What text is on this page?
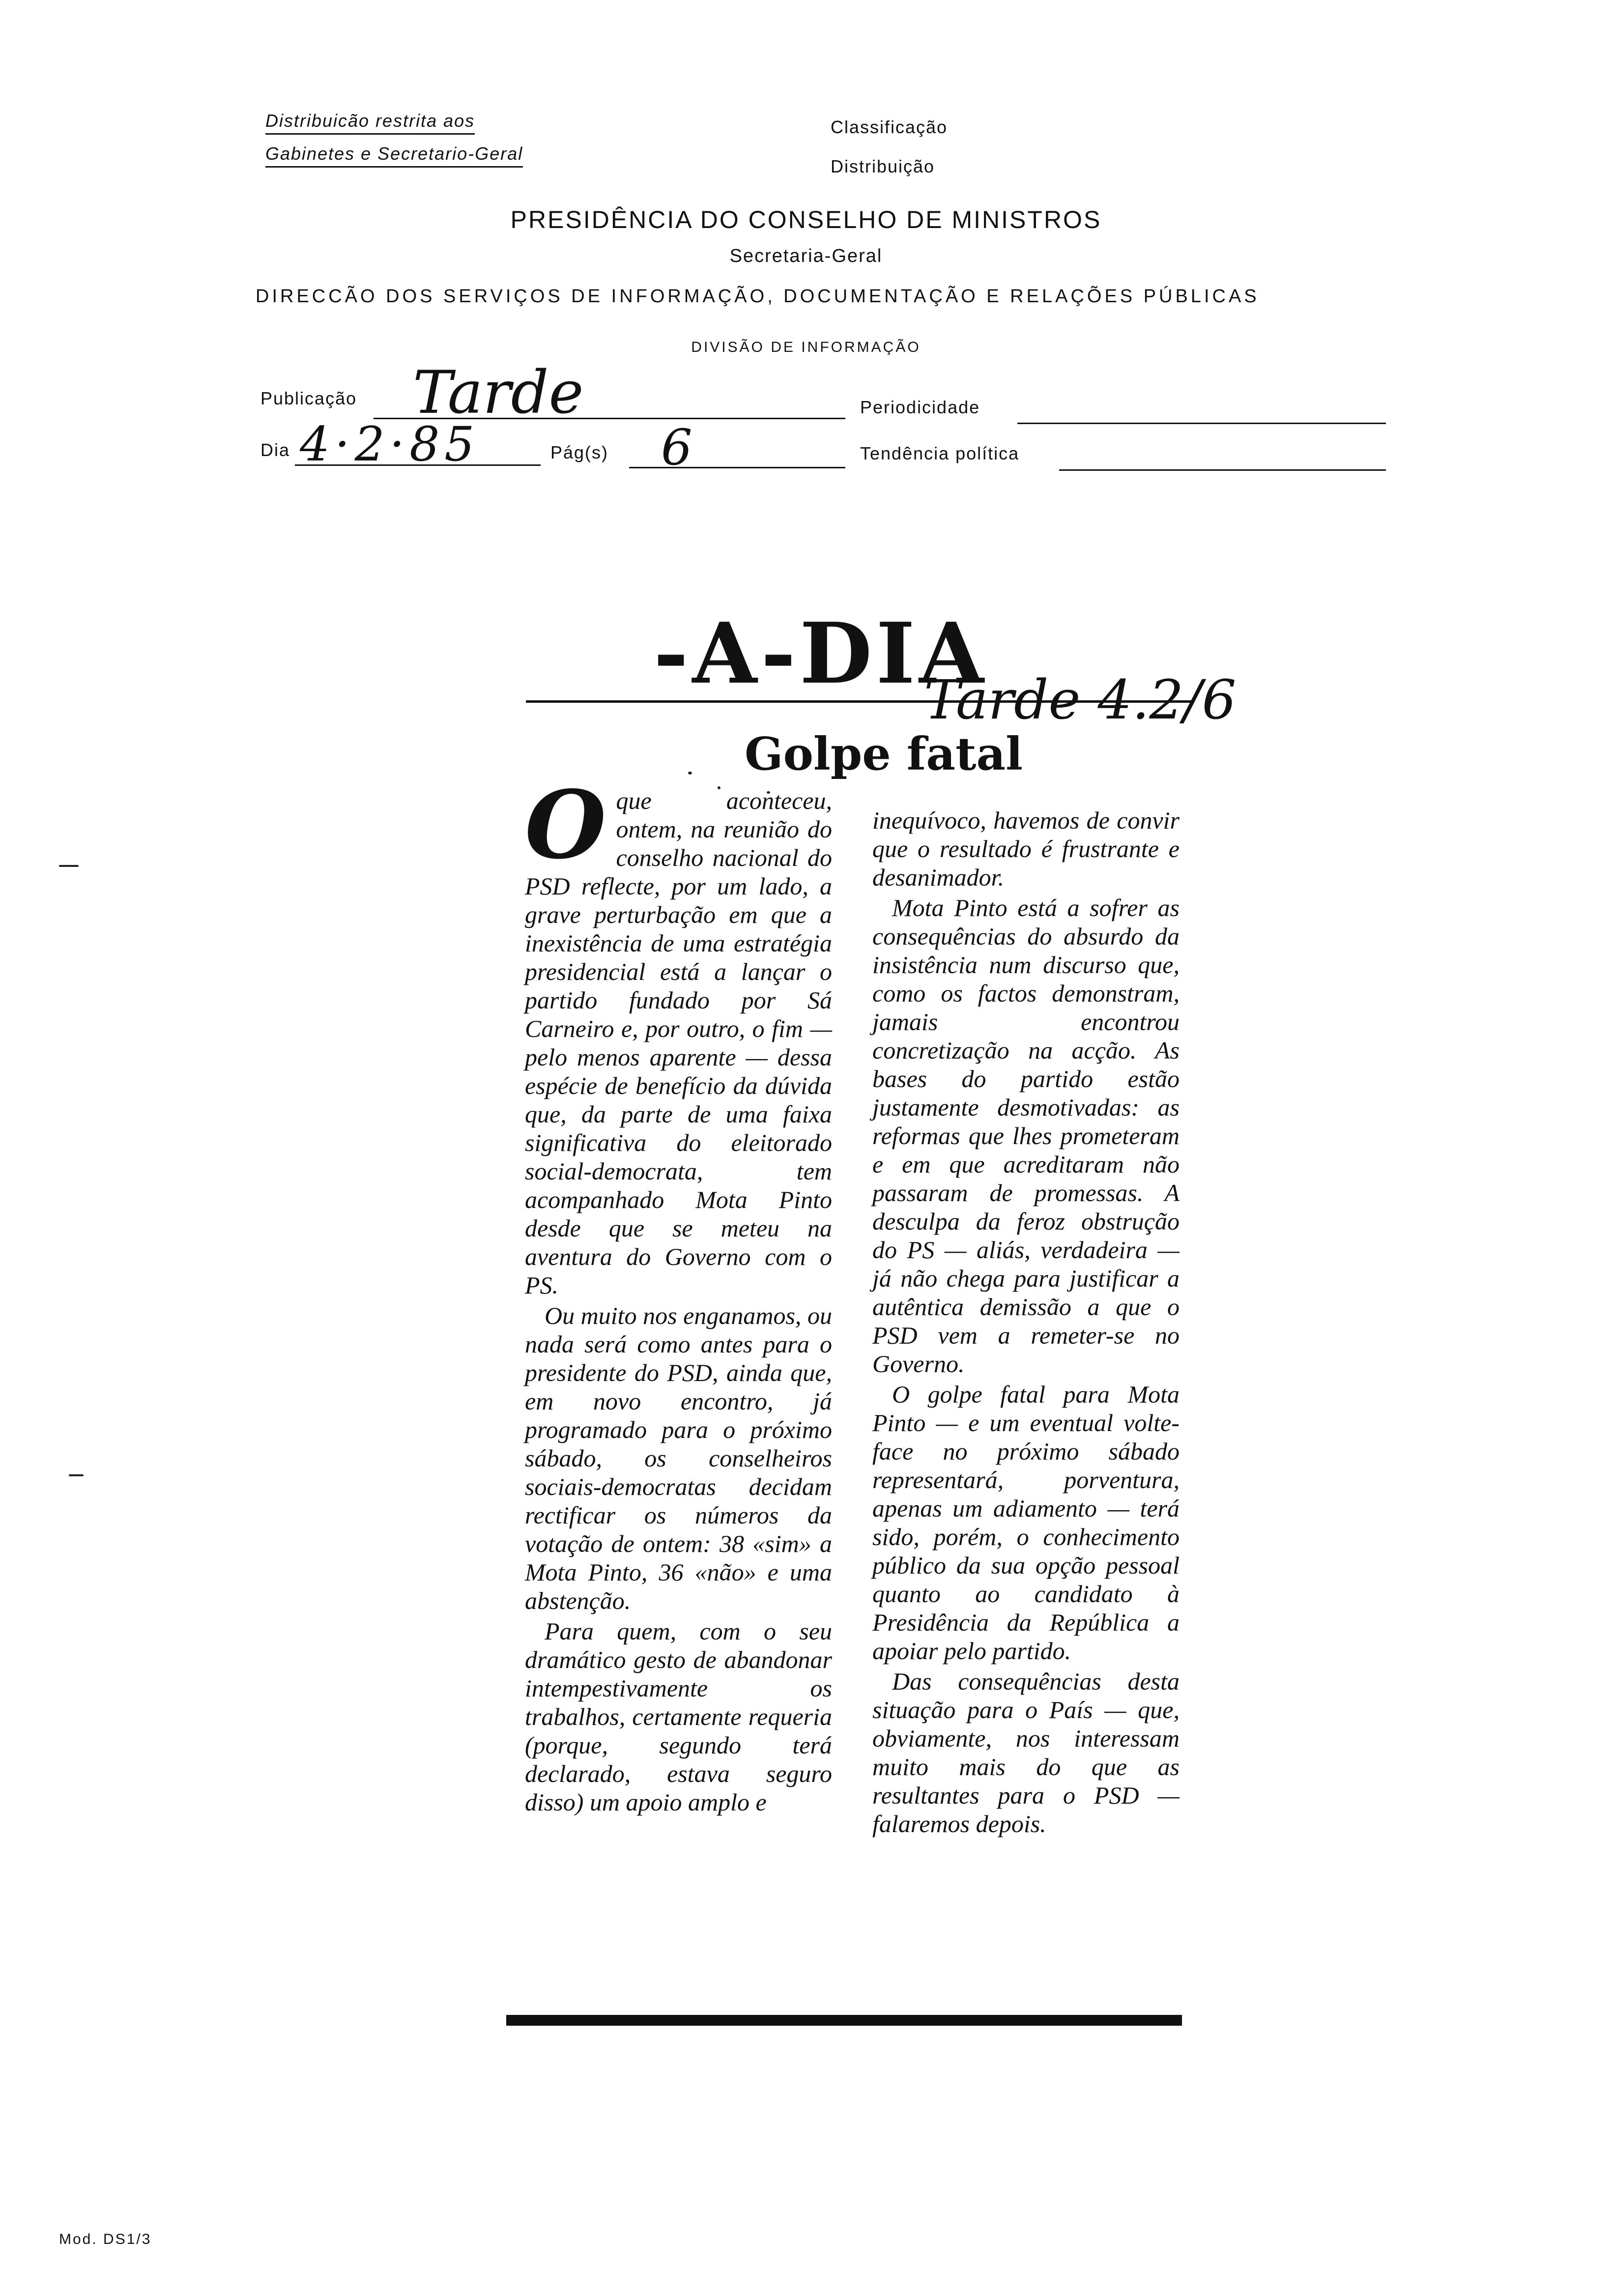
Distribuicão restrita aos
Gabinetes e Secretario-Geral
Classificação
Distribuição
PRESIDÊNCIA DO CONSELHO DE MINISTROS
Secretaria-Geral
DIRECCÃO DOS SERVIÇOS DE INFORMAÇÃO, DOCUMENTAÇÃO E RELAÇÕES PÚBLICAS
DIVISÃO DE INFORMAÇÃO
Publicação Tarde	Periodicidade
Dia 4·2·85	Pág(s) 6	Tendência política
-A-DIA
Tarde 4.2/6
Golpe fatal

Oque aconteceu, ontem, na reunião do conselho nacional do PSD reflecte, por um lado, a grave perturbação em que a inexistência de uma estratégia presidencial está a lançar o partido fundado por Sá Carneiro e, por outro, o fim — pelo menos aparente — dessa espécie de benefício da dúvida que, da parte de uma faixa significativa do eleitorado social-democrata, tem acompanhado Mota Pinto desde que se meteu na aventura do Governo com o PS.

Ou muito nos enganamos, ou nada será como antes para o presidente do PSD, ainda que, em novo encontro, já programado para o próximo sábado, os conselheiros sociais-democratas decidam rectificar os números da votação de ontem: 38 «sim» a Mota Pinto, 36 «não» e uma abstenção.

Para quem, com o seu dramático gesto de abandonar intempestivamente os trabalhos, certamente requeria (porque, segundo terá declarado, estava seguro disso) um apoio amplo e

inequívoco, havemos de convir que o resultado é frustrante e desanimador.

Mota Pinto está a sofrer as consequências do absurdo da insistência num discurso que, como os factos demonstram, jamais encontrou concretização na acção. As bases do partido estão justamente desmotivadas: as reformas que lhes prometeram e em que acreditaram não passaram de promessas. A desculpa da feroz obstrução do PS — aliás, verdadeira — já não chega para justificar a autêntica demissão a que o PSD vem a remeter-se no Governo.

O golpe fatal para Mota Pinto — e um eventual volte-face no próximo sábado representará, porventura, apenas um adiamento — terá sido, porém, o conhecimento público da sua opção pessoal quanto ao candidato à Presidência da República a apoiar pelo partido.

Das consequências desta situação para o País — que, obviamente, nos interessam muito mais do que as resultantes para o PSD — falaremos depois.

Mod. DS1/3
